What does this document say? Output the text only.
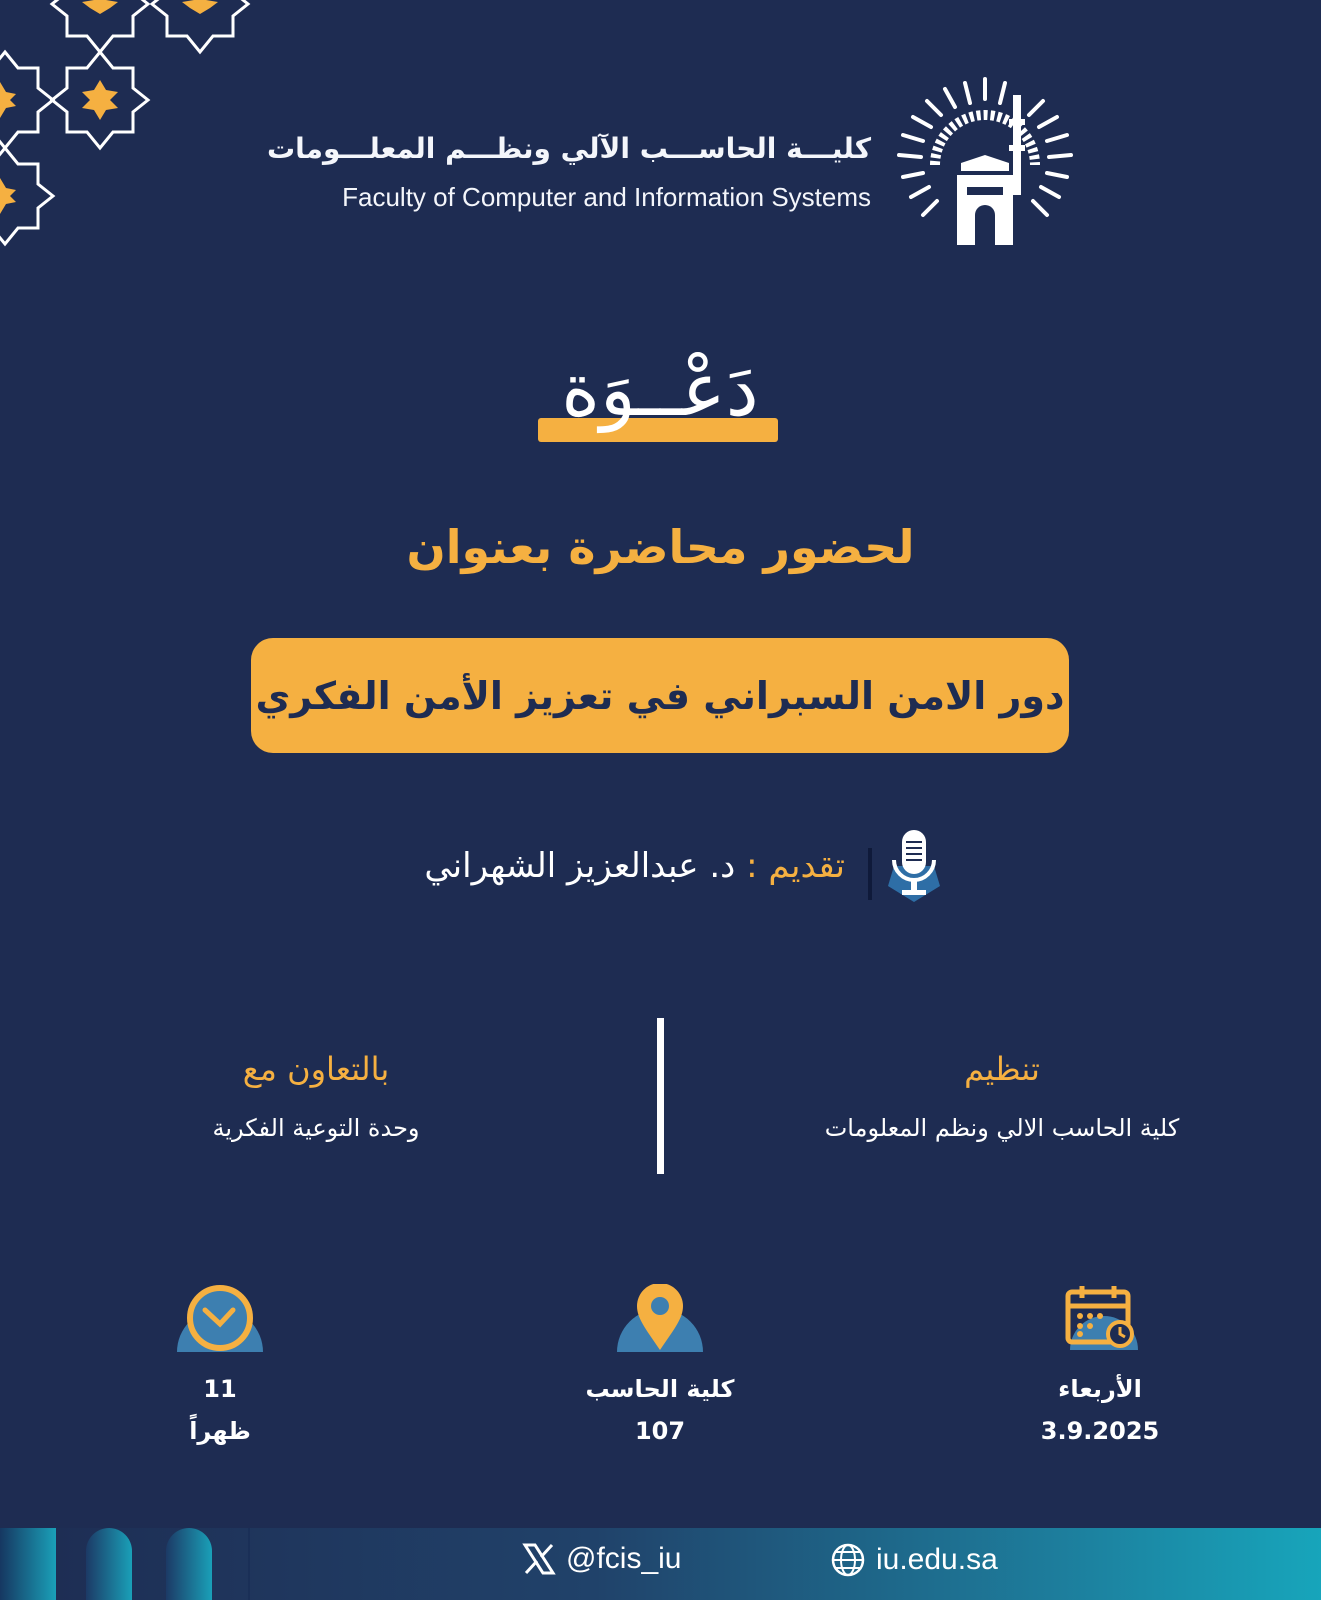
كليـــة الحاســـب الآلي ونظـــم المعلـــومات
Faculty of Computer and Information Systems
دَعْــوَة
لحضور محاضرة بعنوان
دور الامن السبراني في تعزيز الأمن الفكري
تقديم : د. عبدالعزيز الشهراني
تنظيم
كلية الحاسب الالي ونظم المعلومات
بالتعاون مع
وحدة التوعية الفكرية
الأربعاء
3.9.2025
كلية الحاسب
107
11
ظهراً
@fcis_iu	iu.edu.sa
